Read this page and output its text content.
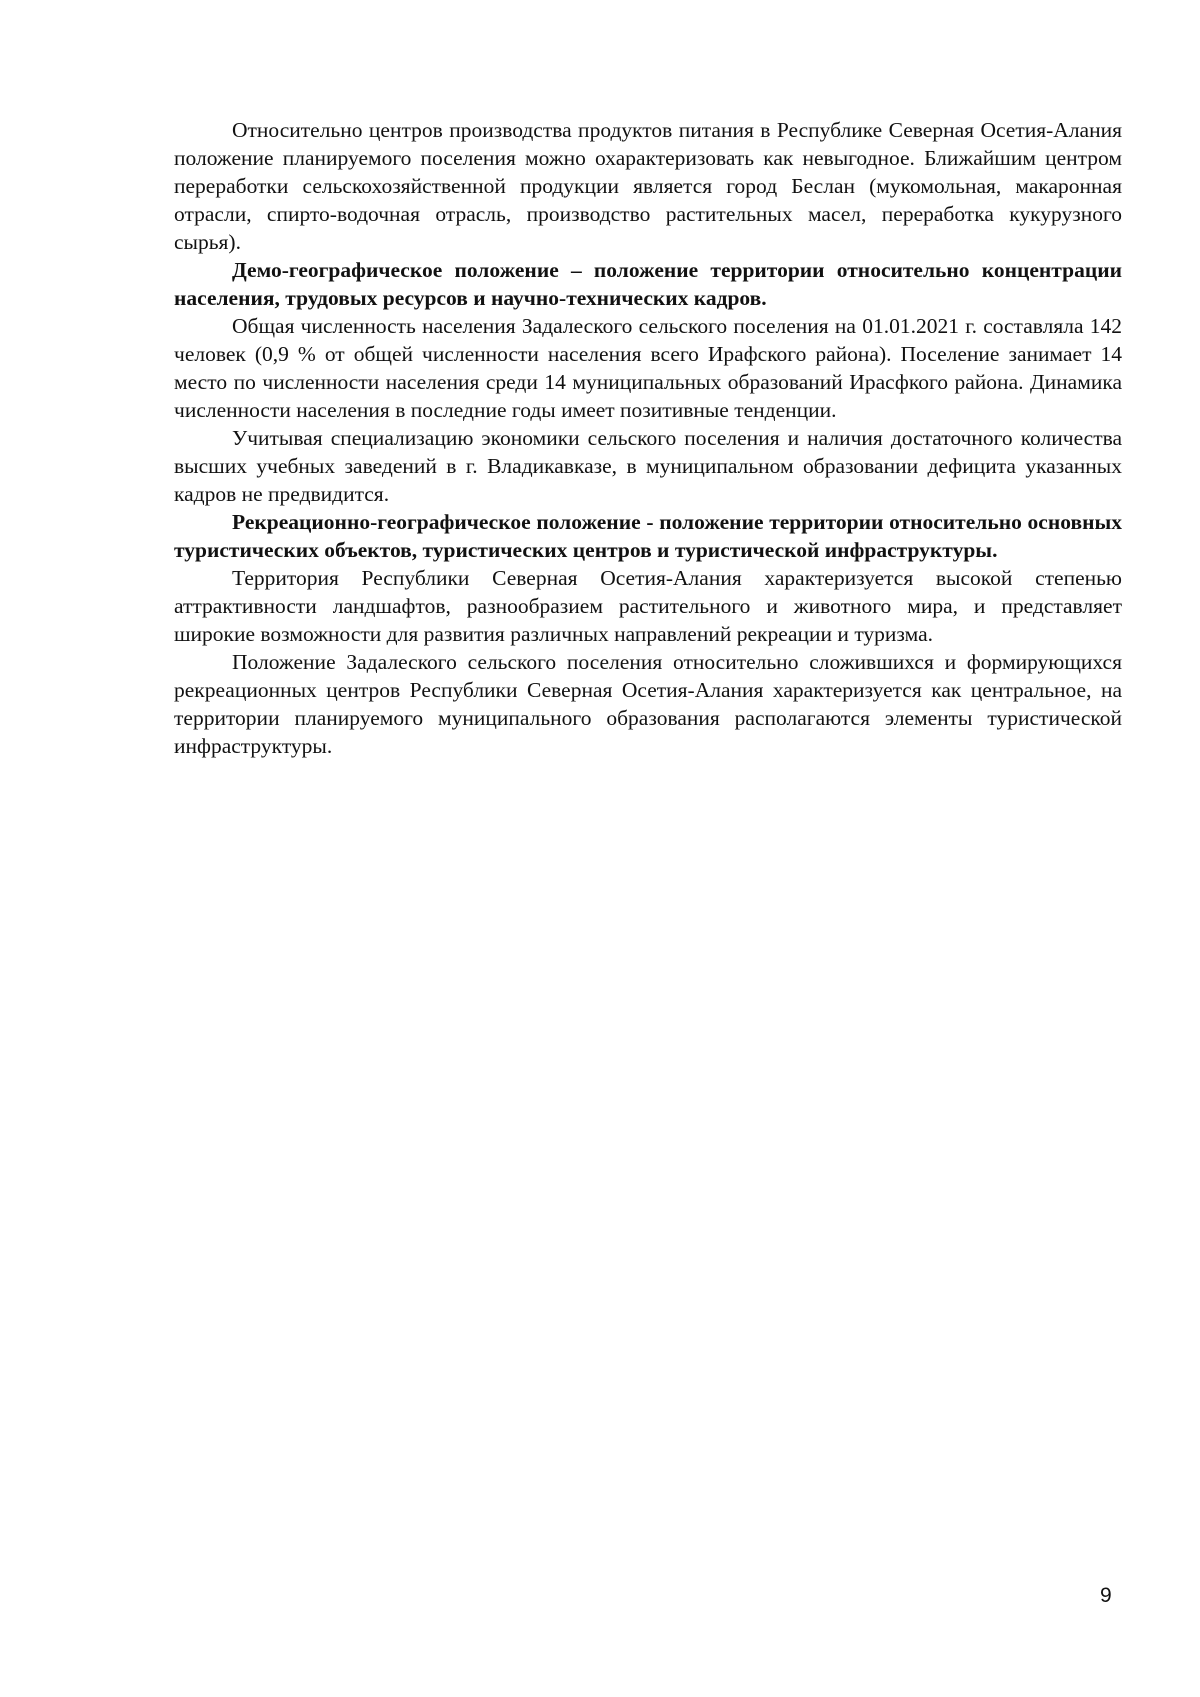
Относительно центров производства продуктов питания в Республике Северная Осетия-Алания положение планируемого поселения можно охарактеризовать как невыгодное. Ближайшим центром переработки сельскохозяйственной продукции является город Беслан (мукомольная, макаронная отрасли, спирто-водочная отрасль, производство растительных масел, переработка кукурузного сырья).

Демо-географическое положение – положение территории относительно концентрации населения, трудовых ресурсов и научно-технических кадров.

Общая численность населения Задалеского сельского поселения на 01.01.2021 г. составляла 142 человек (0,9 % от общей численности населения всего Ирафского района). Поселение занимает 14 место по численности населения среди 14 муниципальных образований Ирасфкого района. Динамика численности населения в последние годы имеет позитивные тенденции.

Учитывая специализацию экономики сельского поселения и наличия достаточного количества высших учебных заведений в г. Владикавказе, в муниципальном образовании дефицита указанных кадров не предвидится.

Рекреационно-географическое положение - положение территории относительно основных туристических объектов, туристических центров и туристической инфраструктуры.

Территория Республики Северная Осетия-Алания характеризуется высокой степенью аттрактивности ландшафтов, разнообразием растительного и животного мира, и представляет широкие возможности для развития различных направлений рекреации и туризма.

Положение Задалеского сельского поселения относительно сложившихся и формирующихся рекреационных центров Республики Северная Осетия-Алания характеризуется как центральное, на территории планируемого муниципального образования располагаются элементы туристической инфраструктуры.

9
